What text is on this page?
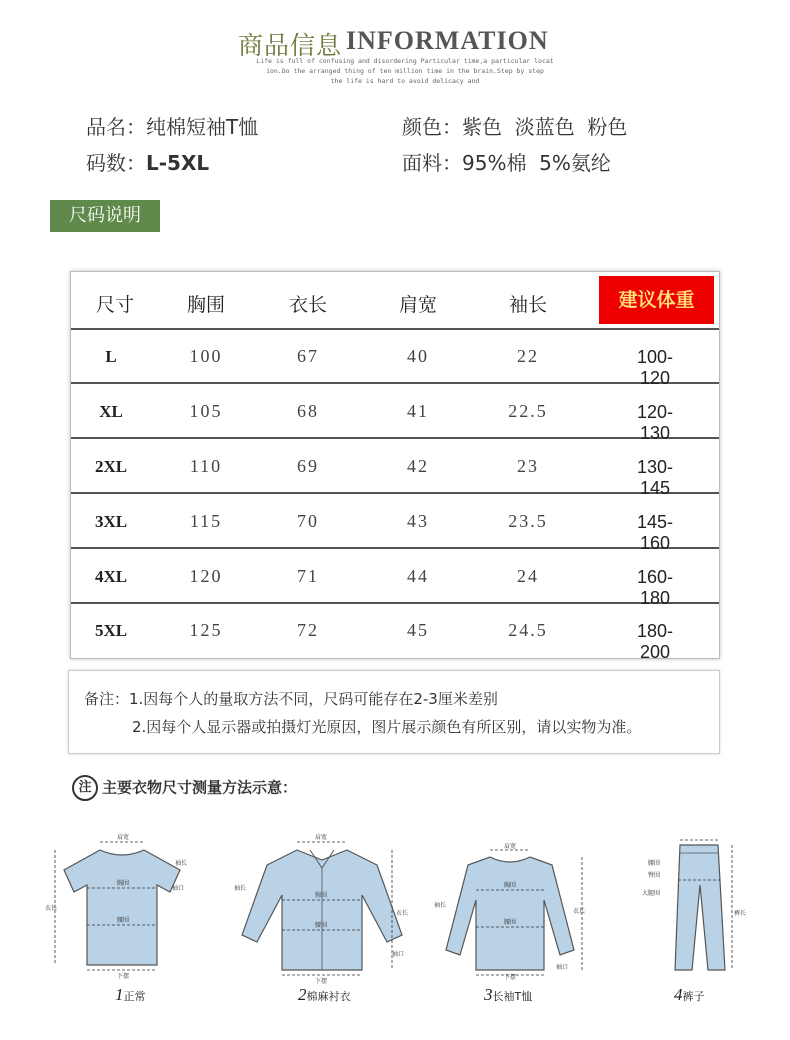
商品信息 INFORMATION
Life is full of confusing and disordering Particular time,a particular locat
ion.Do the arranged thing of ten million time in the brain.Step by step
the life is hard to avoid delicacy and
品名：纯棉短袖T恤	颜色：紫色  淡蓝色  粉色
码数：L-5XL	面料：95%棉  5%氨纶
尺码说明
尺寸	胸围	衣长	肩宽	袖长	建议体重
L	100	67	40	22	100-120
XL	105	68	41	22.5	120-130
2XL	110	69	42	23	130-145
3XL	115	70	43	23.5	145-160
4XL	120	71	44	24	160-180
5XL	125	72	45	24.5	180-200
备注：1.因每个人的量取方法不同，尺码可能存在2-3厘米差别
2.因每个人显示器或拍摄灯光原因，图片展示颜色有所区别，请以实物为准。
注 主要衣物尺寸测量方法示意：
肩宽
胸围
腰围
下摆
袖长
袖口
衣长
1正常
肩宽
胸围
腰围
下摆
袖长
袖口
衣长
2棉麻衬衣
肩宽
胸围
腰围
下摆
袖长
袖口
衣长
3长袖T恤
腰围
臀围
大腿围
裤长
4裤子
